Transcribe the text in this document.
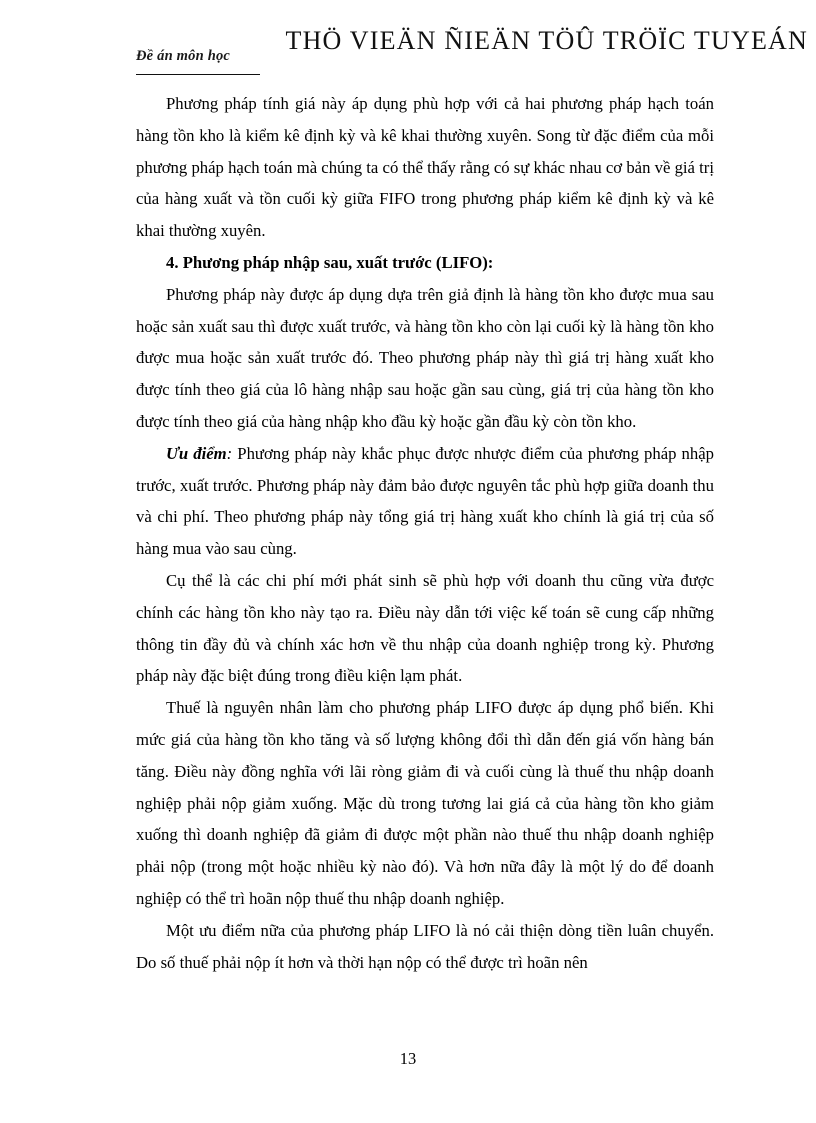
Đề án môn học
THÖ VIEÄN ÑIEÄN TÖÛ TRÖÏC TUYEÁN

Phương pháp tính giá này áp dụng phù hợp với cả hai phương pháp hạch toán hàng tồn kho là kiểm kê định kỳ và kê khai thường xuyên. Song từ đặc điểm của mỗi phương pháp hạch toán mà chúng ta có thể thấy rằng có sự khác nhau cơ bản về giá trị của hàng xuất và tồn cuối kỳ giữa FIFO trong phương pháp kiểm kê định kỳ và kê khai thường xuyên.

4. Phương pháp nhập sau, xuất trước (LIFO):

Phương pháp này được áp dụng dựa trên giả định là hàng tồn kho được mua sau hoặc sản xuất sau thì được xuất trước, và hàng tồn kho còn lại cuối kỳ là hàng tồn kho được mua hoặc sản xuất trước đó. Theo phương pháp này thì giá trị hàng xuất kho được tính theo giá của lô hàng nhập sau hoặc gần sau cùng, giá trị của hàng tồn kho được tính theo giá của hàng nhập kho đầu kỳ hoặc gần đầu kỳ còn tồn kho.

Ưu điểm: Phương pháp này khắc phục được nhược điểm của phương pháp nhập trước, xuất trước. Phương pháp này đảm bảo được nguyên tắc phù hợp giữa doanh thu và chi phí. Theo phương pháp này tổng giá trị hàng xuất kho chính là giá trị của số hàng mua vào sau cùng.

Cụ thể là các chi phí mới phát sinh sẽ phù hợp với doanh thu cũng vừa được chính các hàng tồn kho này tạo ra. Điều này dẫn tới việc kế toán sẽ cung cấp những thông tin đầy đủ và chính xác hơn về thu nhập của doanh nghiệp trong kỳ. Phương pháp này đặc biệt đúng trong điều kiện lạm phát.

Thuế là nguyên nhân làm cho phương pháp LIFO được áp dụng phổ biến. Khi mức giá của hàng tồn kho tăng và số lượng không đổi thì dẫn đến giá vốn hàng bán tăng. Điều này đồng nghĩa với lãi ròng giảm đi và cuối cùng là thuế thu nhập doanh nghiệp phải nộp giảm xuống. Mặc dù trong tương lai giá cả của hàng tồn kho giảm xuống thì doanh nghiệp đã giảm đi được một phần nào thuế thu nhập doanh nghiệp phải nộp (trong một hoặc nhiều kỳ nào đó). Và hơn nữa đây là một lý do để doanh nghiệp có thể trì hoãn nộp thuế thu nhập doanh nghiệp.

Một ưu điểm nữa của phương pháp LIFO là nó cải thiện dòng tiền luân chuyển. Do số thuế phải nộp ít hơn và thời hạn nộp có thể được trì hoãn nên

13
